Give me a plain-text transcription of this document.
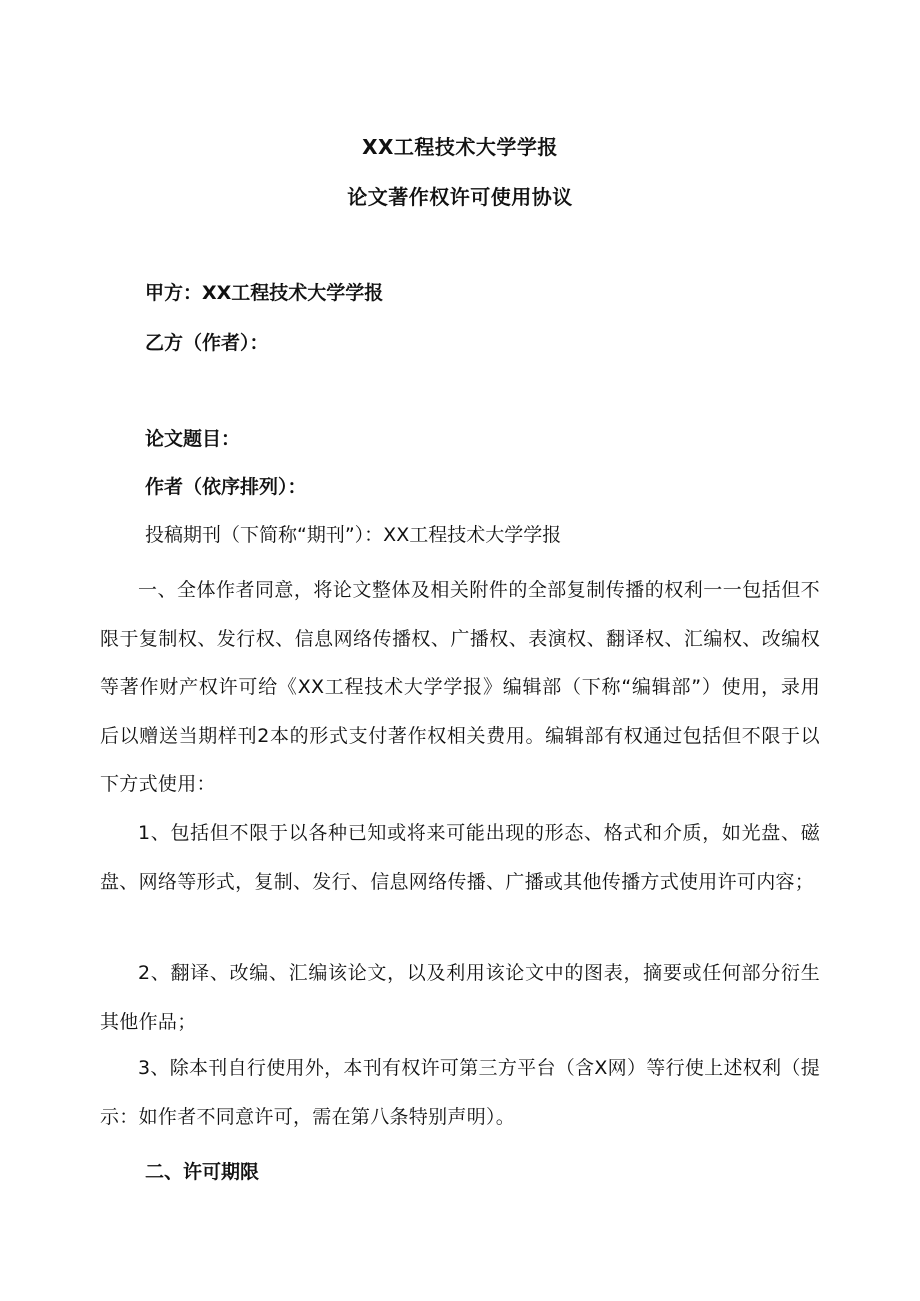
XX工程技术大学学报
论文著作权许可使用协议
甲方：XX工程技术大学学报
乙方（作者）：
论文题目：
作者（依序排列）：
投稿期刊（下简称“期刊”）：XX工程技术大学学报

一、全体作者同意，将论文整体及相关附件的全部复制传播的权利一一包括但不限于复制权、发行权、信息网络传播权、广播权、表演权、翻译权、汇编权、改编权等著作财产权许可给《XX工程技术大学学报》编辑部（下称“编辑部”）使用，录用后以赠送当期样刊2本的形式支付著作权相关费用。编辑部有权通过包括但不限于以下方式使用：

1、包括但不限于以各种已知或将来可能出现的形态、格式和介质，如光盘、磁盘、网络等形式，复制、发行、信息网络传播、广播或其他传播方式使用许可内容；

2、翻译、改编、汇编该论文，以及利用该论文中的图表，摘要或任何部分衍生其他作品；

3、除本刊自行使用外，本刊有权许可第三方平台（含X网）等行使上述权利（提示：如作者不同意许可，需在第八条特别声明）。

二、许可期限
